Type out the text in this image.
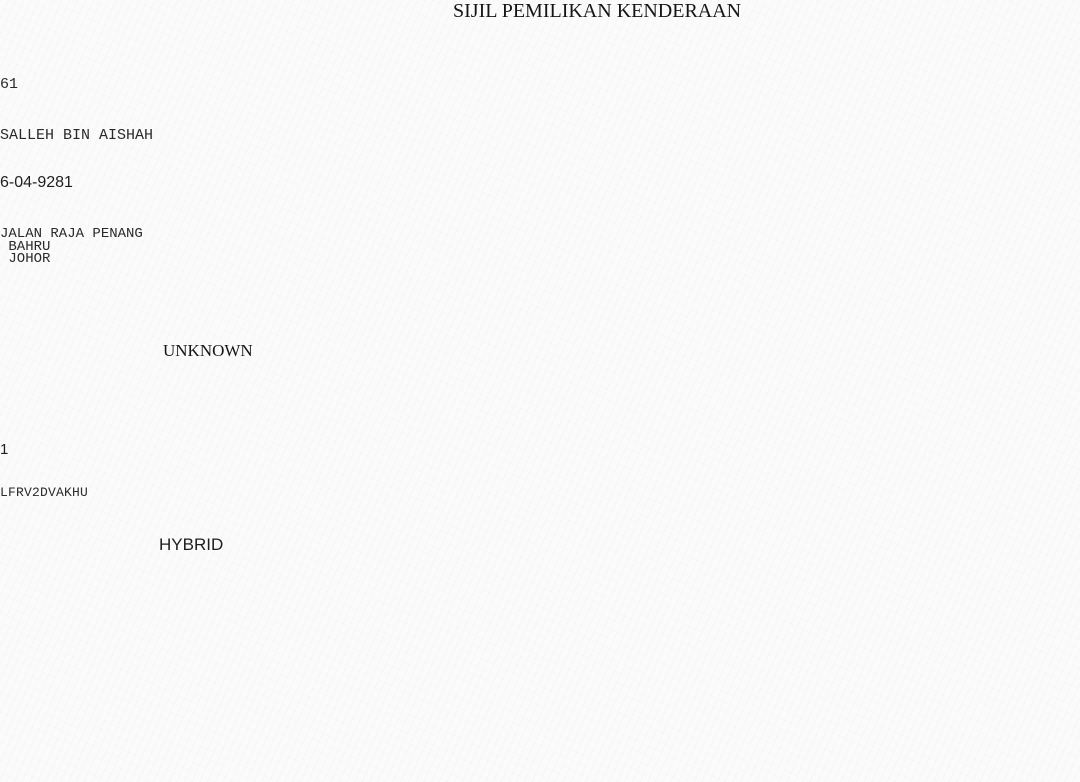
SIJIL PEMILIKAN KENDERAAN
61
SALLEH BIN AISHAH
6-04-9281
JALAN RAJA PENANG
BAHRU
JOHOR
UNKNOWN
1
LFRV2DVAKHU
HYBRID
